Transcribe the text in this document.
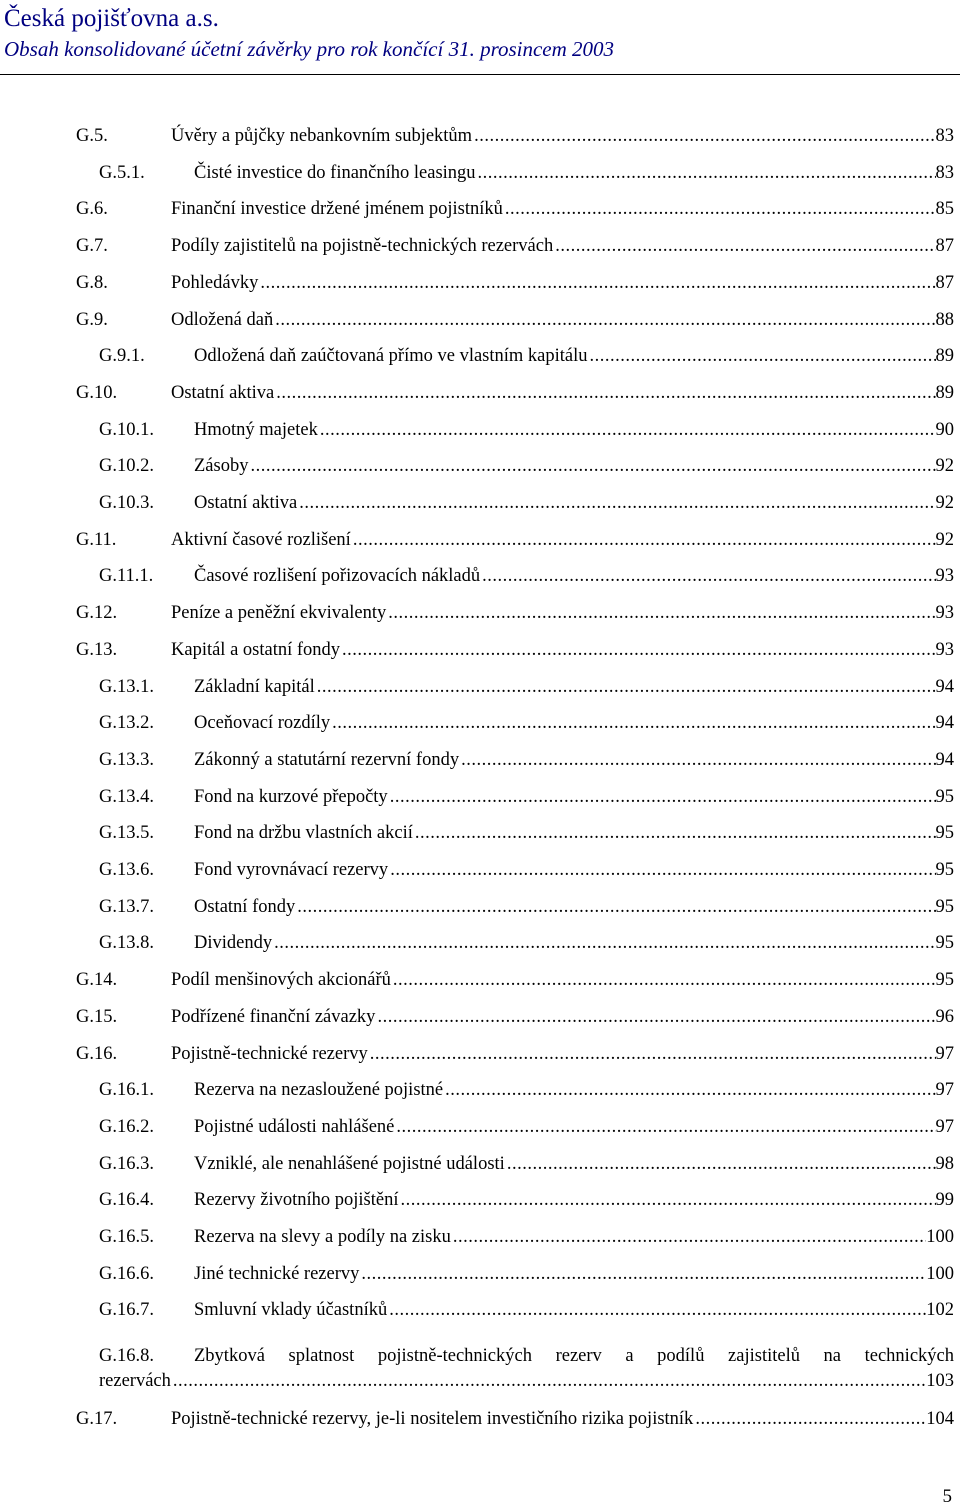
Česká pojišťovna a.s.
Obsah konsolidované účetní závěrky pro rok končící 31. prosincem 2003
G.5.	Úvěry a půjčky nebankovním subjektům .....	83
G.5.1.	Čisté investice do finančního leasingu .....	83
G.6.	Finanční investice držené jménem pojistníků .....	85
G.7.	Podíly zajistitelů na pojistně-technických rezervách .....	87
G.8.	Pohledávky .....	87
G.9.	Odložená daň .....	88
G.9.1.	Odložená daň zaúčtovaná přímo ve vlastním kapitálu .....	89
G.10.	Ostatní aktiva .....	89
G.10.1. Hmotný majetek .....	90
G.10.2. Zásoby .....	92
G.10.3. Ostatní aktiva .....	92
G.11.	Aktivní časové rozlišení .....	92
G.11.1. Časové rozlišení pořizovacích nákladů .....	93
G.12.	Peníze a peněžní ekvivalenty .....	93
G.13.	Kapitál a ostatní fondy .....	93
G.13.1. Základní kapitál .....	94
G.13.2. Oceňovací rozdíly .....	94
G.13.3. Zákonný a statutární rezervní fondy .....	94
G.13.4. Fond na kurzové přepočty .....	95
G.13.5. Fond na držbu vlastních akcií .....	95
G.13.6. Fond vyrovnávací rezervy .....	95
G.13.7. Ostatní fondy .....	95
G.13.8. Dividendy .....	95
G.14.	Podíl menšinových akcionářů .....	95
G.15.	Podřízené finanční závazky .....	96
G.16.	Pojistně-technické rezervy .....	97
G.16.1. Rezerva na nezasloužené pojistné .....	97
G.16.2. Pojistné události nahlášené .....	97
G.16.3. Vzniklé, ale nenahlášené pojistné události .....	98
G.16.4. Rezervy životního pojištění .....	99
G.16.5. Rezerva na slevy a podíly na zisku .....	100
G.16.6. Jiné technické rezervy .....	100
G.16.7. Smluvní vklady účastníků .....	102
G.16.8. Zbytková splatnost pojistně-technických rezerv a podílů zajistitelů na technických
rezervách .....	103
G.17.	Pojistně-technické rezervy, je-li nositelem investičního rizika pojistník .....	104
5
